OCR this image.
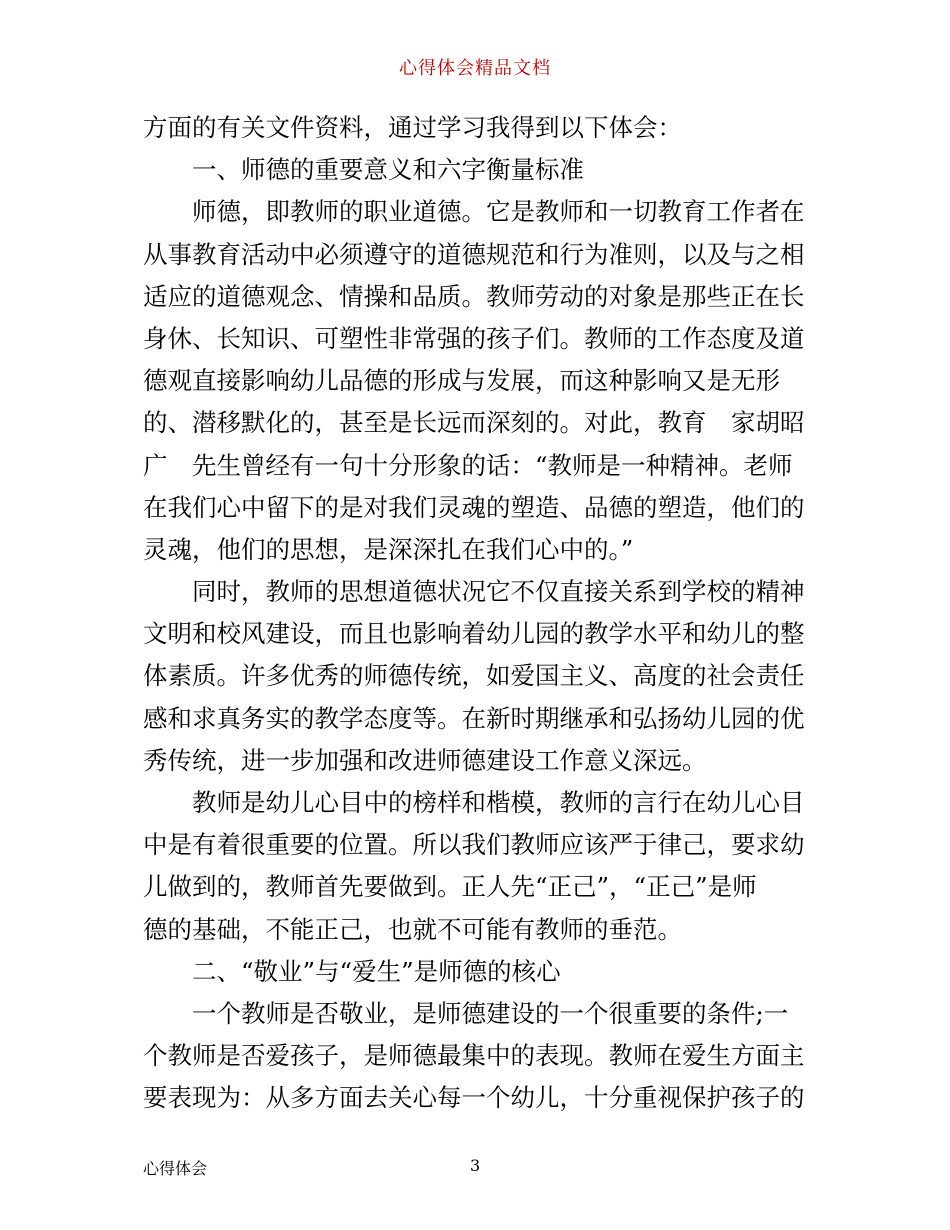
心得体会精品文档
方面的有关文件资料，通过学习我得到以下体会：
一、师德的重要意义和六字衡量标准
师德，即教师的职业道德。它是教师和一切教育工作者在
从事教育活动中必须遵守的道德规范和行为准则，以及与之相
适应的道德观念、情操和品质。教师劳动的对象是那些正在长
身休、长知识、可塑性非常强的孩子们。教师的工作态度及道
德观直接影响幼儿品德的形成与发展，而这种影响又是无形
的、潜移默化的，甚至是长远而深刻的。对此，教育　家胡昭
广　先生曾经有一句十分形象的话：“教师是一种精神。老师
在我们心中留下的是对我们灵魂的塑造、品德的塑造，他们的
灵魂，他们的思想，是深深扎在我们心中的。”
同时，教师的思想道德状况它不仅直接关系到学校的精神
文明和校风建设，而且也影响着幼儿园的教学水平和幼儿的整
体素质。许多优秀的师德传统，如爱国主义、高度的社会责任
感和求真务实的教学态度等。在新时期继承和弘扬幼儿园的优
秀传统，进一步加强和改进师德建设工作意义深远。
教师是幼儿心目中的榜样和楷模，教师的言行在幼儿心目
中是有着很重要的位置。所以我们教师应该严于律己，要求幼
儿做到的，教师首先要做到。正人先“正己”，“正己”是师
德的基础，不能正己，也就不可能有教师的垂范。
二、“敬业”与“爱生”是师德的核心
一个教师是否敬业，是师德建设的一个很重要的条件;一
个教师是否爱孩子，是师德最集中的表现。教师在爱生方面主
要表现为：从多方面去关心每一个幼儿，十分重视保护孩子的
心得体会	3
